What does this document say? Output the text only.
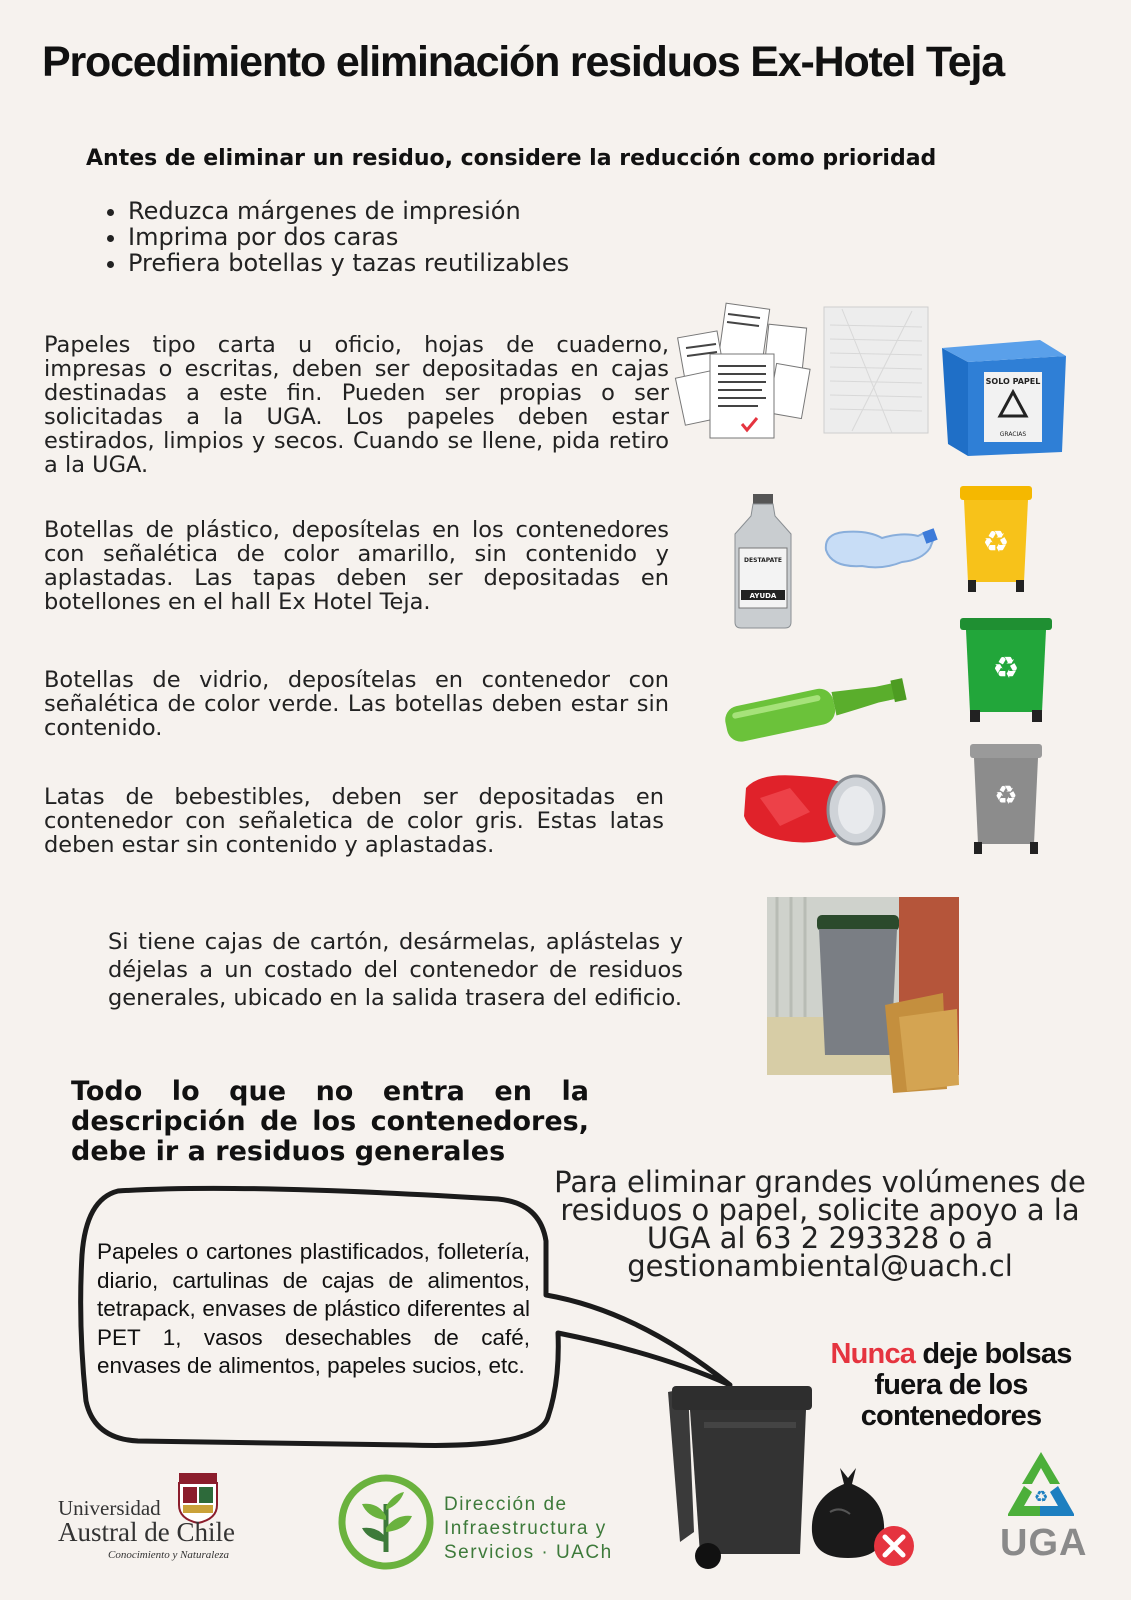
Procedimiento eliminación residuos Ex-Hotel Teja
Antes de eliminar un residuo, considere la reducción como prioridad
• Reduzca márgenes de impresión
• Imprima por dos caras
• Prefiera botellas y tazas reutilizables
Papeles tipo carta u oficio, hojas de cuaderno, impresas o escritas, deben ser depositadas en cajas destinadas a este fin. Pueden ser propias o ser solicitadas a la UGA. Los papeles deben estar estirados, limpios y secos. Cuando se llene, pida retiro a la UGA.
Botellas de plástico, deposítelas en los contenedores con señalética de color amarillo, sin contenido y aplastadas. Las tapas deben ser depositadas en botellones en el hall Ex Hotel Teja.
Botellas de vidrio, deposítelas en contenedor con señalética de color verde. Las botellas deben estar sin contenido.
Latas de bebestibles, deben ser depositadas en contenedor con señaletica de color gris. Estas latas deben estar sin contenido y aplastadas.
Si tiene cajas de cartón, desármelas, aplástelas y déjelas a un costado del contenedor de residuos generales, ubicado en la salida trasera del edificio.
Todo lo que no entra en la descripción de los contenedores, debe ir a residuos generales
Para eliminar grandes volúmenes de residuos o papel, solicite apoyo a la UGA al 63 2 293328 o a gestionambiental@uach.cl
SOLO PAPEL
GRACIAS
DESTAPATE
AYUDA
♻
♻
♻
Papeles o cartones plastificados, folletería, diario, cartulinas de cajas de alimentos, tetrapack, envases de plástico diferentes al PET 1, vasos desechables de café, envases de alimentos, papeles sucios, etc.	Nunca deje bolsas fuera de los contenedores
Universidad
Austral de Chile
Conocimiento y Naturaleza
Dirección de
Infraestructura y
Servicios · UACh
♻
UGA
